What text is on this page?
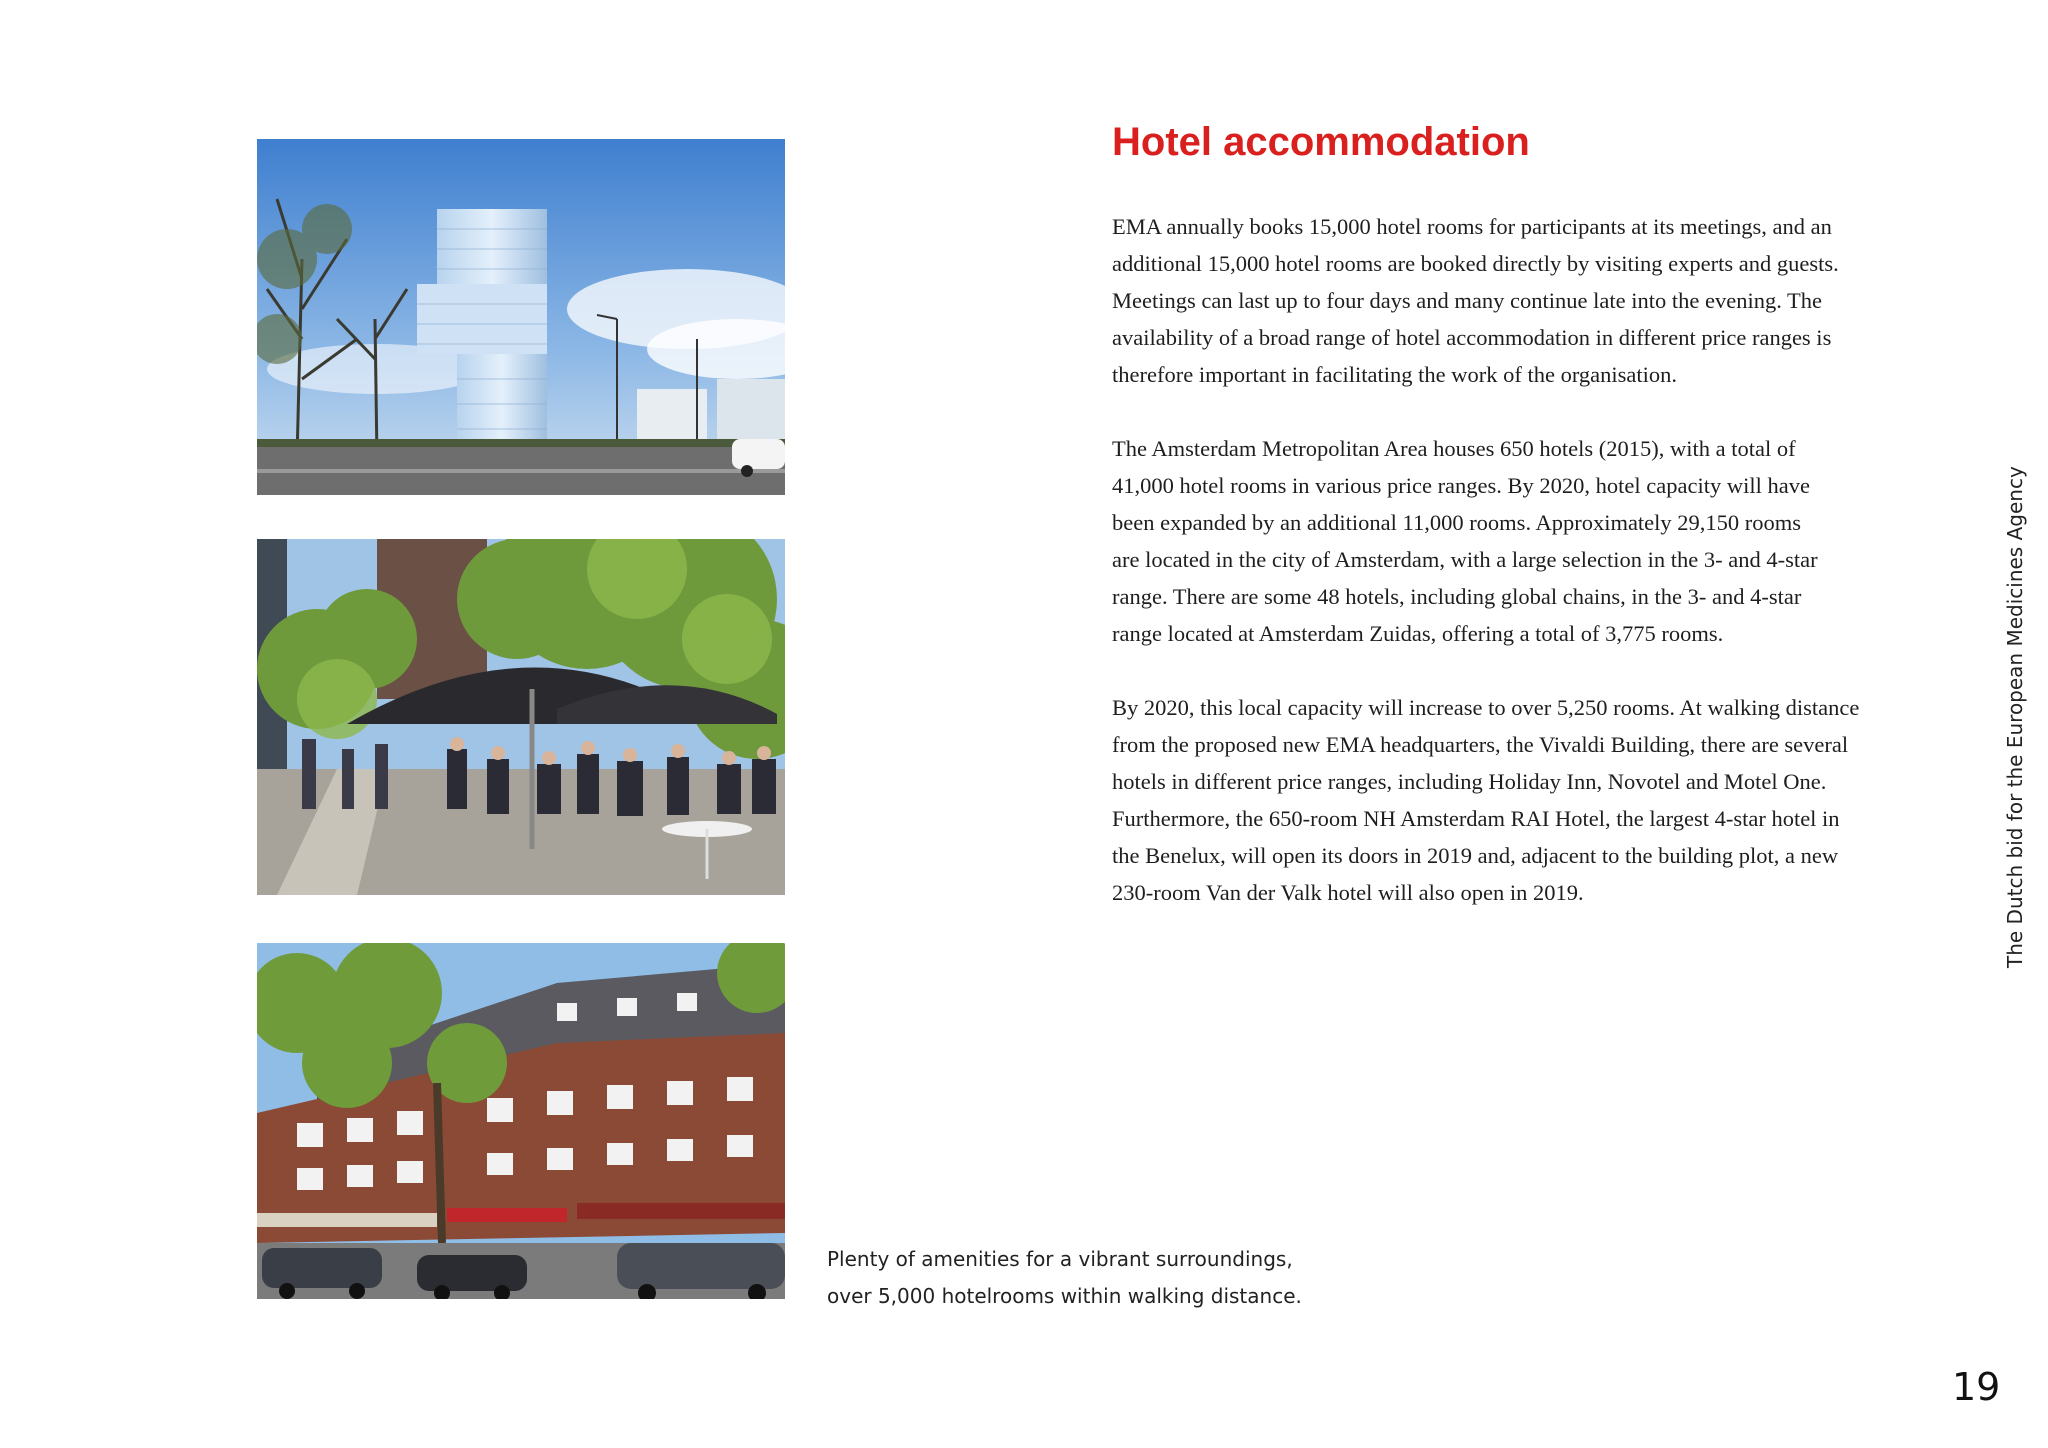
Hotel accommodation

EMA annually books 15,000 hotel rooms for participants at its meetings, and an
additional 15,000 hotel rooms are booked directly by visiting experts and guests.
Meetings can last up to four days and many continue late into the evening. The
availability of a broad range of hotel accommodation in different price ranges is
therefore important in facilitating the work of the organisation.

The Amsterdam Metropolitan Area houses 650 hotels (2015), with a total of
41,000 hotel rooms in various price ranges. By 2020, hotel capacity will have
been expanded by an additional 11,000 rooms. Approximately 29,150 rooms
are located in the city of Amsterdam, with a large selection in the 3- and 4-star
range. There are some 48 hotels, including global chains, in the 3- and 4-star
range located at Amsterdam Zuidas, offering a total of 3,775 rooms.

By 2020, this local capacity will increase to over 5,250 rooms. At walking distance
from the proposed new EMA headquarters, the Vivaldi Building, there are several
hotels in different price ranges, including Holiday Inn, Novotel and Motel One.
Furthermore, the 650-room NH Amsterdam RAI Hotel, the largest 4-star hotel in
the Benelux, will open its doors in 2019 and, adjacent to the building plot, a new
230-room Van der Valk hotel will also open in 2019.

Plenty of amenities for a vibrant surroundings,
over 5,000 hotelrooms within walking distance.
The Dutch bid for the European Medicines Agency
19
